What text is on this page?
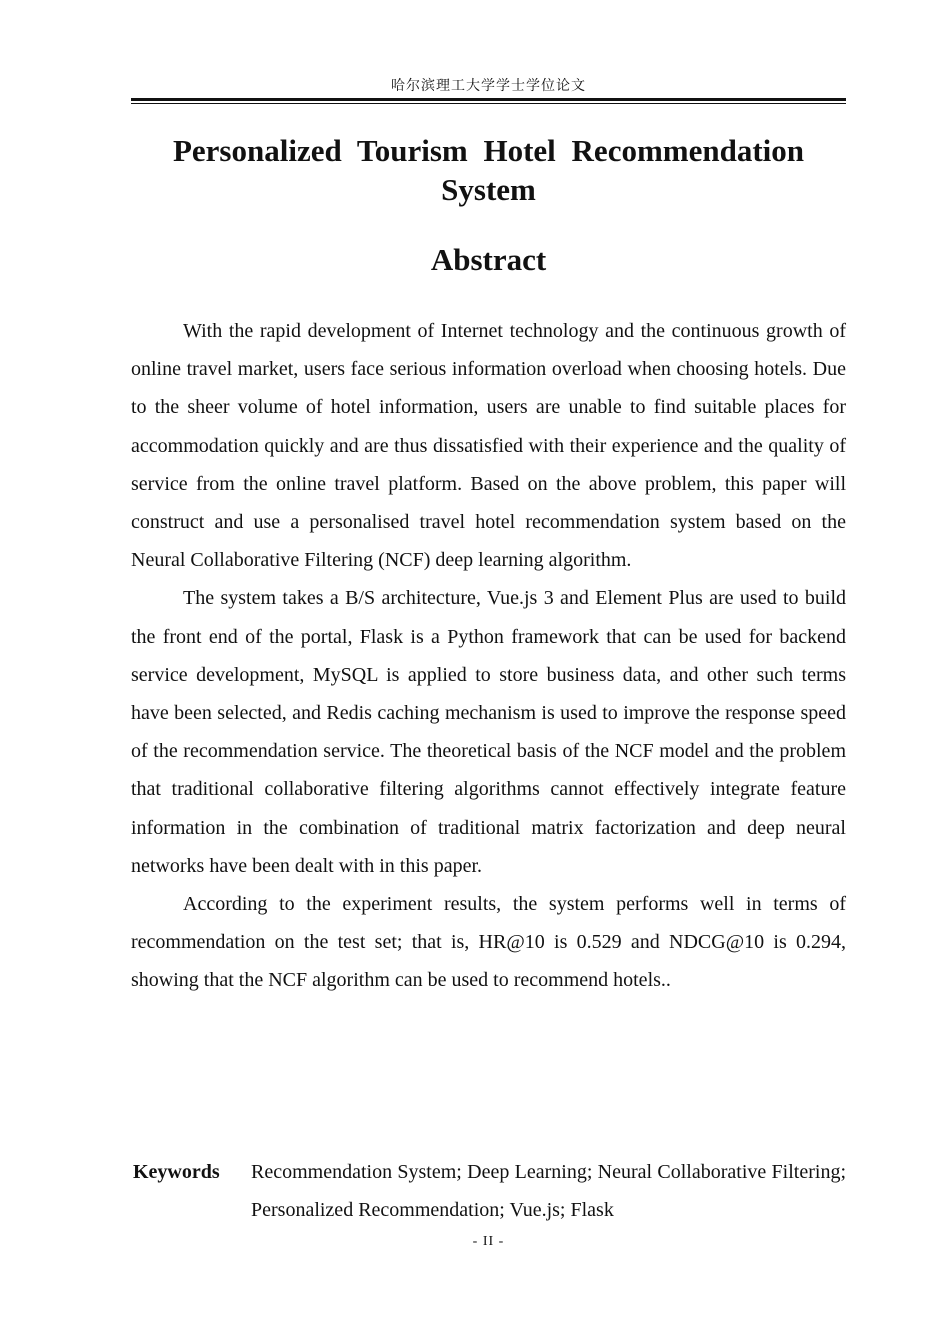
哈尔滨理工大学学士学位论文
Personalized Tourism Hotel Recommendation System
Abstract

With the rapid development of Internet technology and the continuous growth of online travel market, users face serious information overload when choosing hotels. Due to the sheer volume of hotel information, users are unable to find suitable places for accommodation quickly and are thus dissatisfied with their experience and the quality of service from the online travel platform. Based on the above problem, this paper will construct and use a personalised travel hotel recommendation system based on the Neural Collaborative Filtering (NCF) deep learning algorithm.

The system takes a B/S architecture, Vue.js 3 and Element Plus are used to build the front end of the portal, Flask is a Python framework that can be used for backend service development, MySQL is applied to store business data, and other such terms have been selected, and Redis caching mechanism is used to improve the response speed of the recommendation service. The theoretical basis of the NCF model and the problem that traditional collaborative filtering algorithms cannot effectively integrate feature information in the combination of traditional matrix factorization and deep neural networks have been dealt with in this paper.

According to the experiment results, the system performs well in terms of recommendation on the test set; that is, HR@10 is 0.529 and NDCG@10 is 0.294, showing that the NCF algorithm can be used to recommend hotels..

Keywords Recommendation System; Deep Learning; Neural Collaborative Filtering; Personalized Recommendation; Vue.js; Flask
- II -
